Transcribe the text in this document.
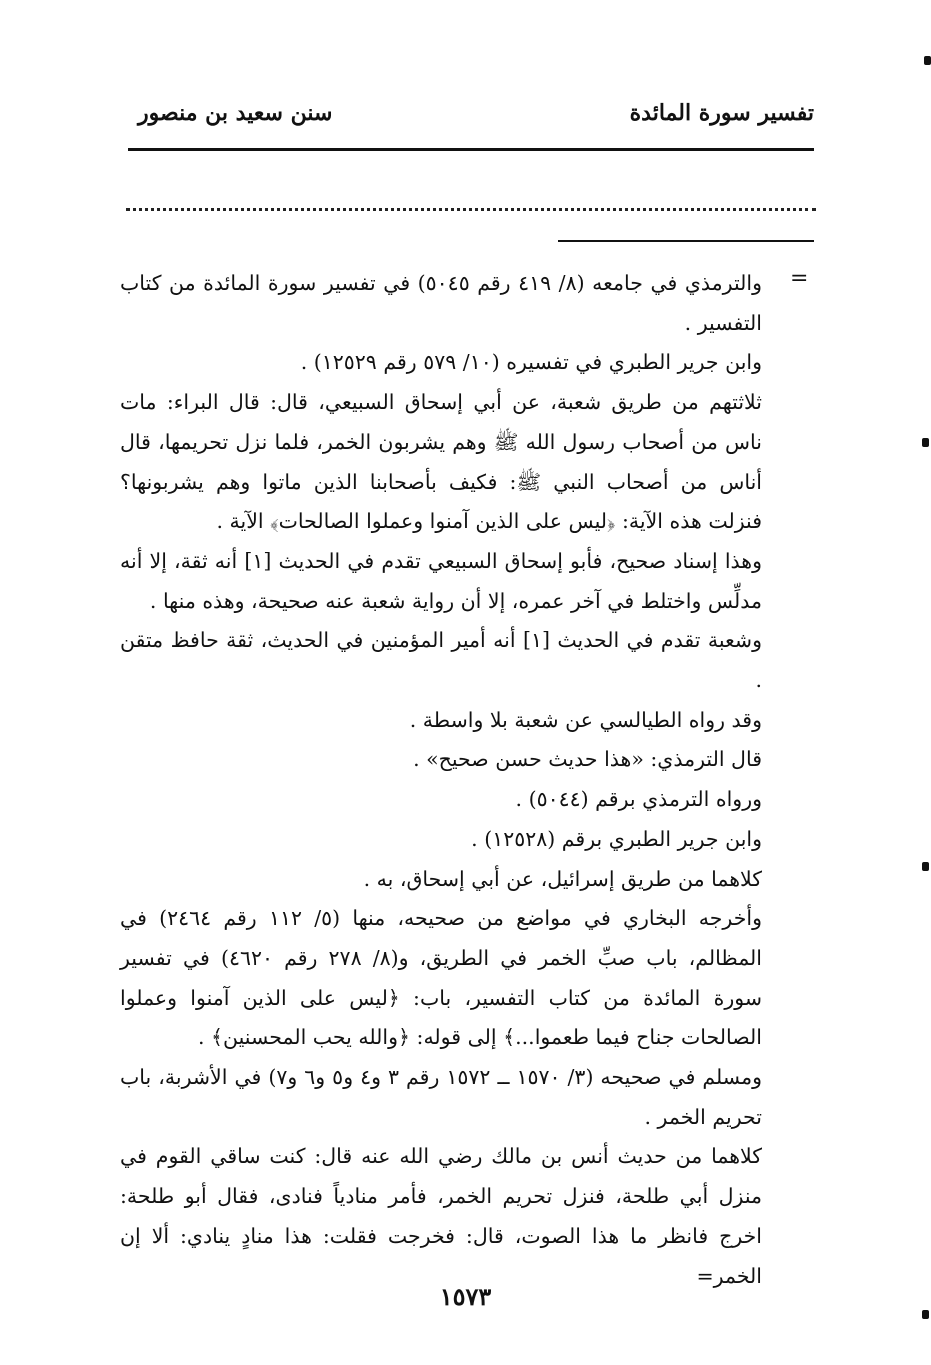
تفسير سورة المائدة
سنن سعيد بن منصور
=

والترمذي في جامعه (٨/ ٤١٩ رقم ٥٠٤٥) في تفسير سورة المائدة من كتاب التفسير .

وابن جرير الطبري في تفسيره (١٠/ ٥٧٩ رقم ١٢٥٢٩) .

ثلاثتهم من طريق شعبة، عن أبي إسحاق السبيعي، قال: قال البراء: مات ناس من أصحاب رسول الله ﷺ وهم يشربون الخمر، فلما نزل تحريمها، قال أناس من أصحاب النبي ﷺ: فكيف بأصحابنا الذين ماتوا وهم يشربونها؟ فنزلت هذه الآية: ﴿ليس على الذين آمنوا وعملوا الصالحات﴾ الآية .

وهذا إسناد صحيح، فأبو إسحاق السبيعي تقدم في الحديث [١] أنه ثقة، إلا أنه مدلِّس واختلط في آخر عمره، إلا أن رواية شعبة عنه صحيحة، وهذه منها .

وشعبة تقدم في الحديث [١] أنه أمير المؤمنين في الحديث، ثقة حافظ متقن .

وقد رواه الطيالسي عن شعبة بلا واسطة .

قال الترمذي: «هذا حديث حسن صحيح» .

ورواه الترمذي برقم (٥٠٤٤) .

وابن جرير الطبري برقم (١٢٥٢٨) .

كلاهما من طريق إسرائيل، عن أبي إسحاق، به .

وأخرجه البخاري في مواضع من صحيحه، منها (٥/ ١١٢ رقم ٢٤٦٤) في المظالم، باب صبِّ الخمر في الطريق، و(٨/ ٢٧٨ رقم ٤٦٢٠) في تفسير سورة المائدة من كتاب التفسير، باب: ﴿ليس على الذين آمنوا وعملوا الصالحات جناح فيما طعموا...﴾ إلى قوله: ﴿والله يحب المحسنين﴾ .

ومسلم في صحيحه (٣/ ١٥٧٠ ــ ١٥٧٢ رقم ٣ و٤ و٥ و٦ و٧) في الأشربة، باب تحريم الخمر .

كلاهما من حديث أنس بن مالك رضي الله عنه قال: كنت ساقي القوم في منزل أبي طلحة، فنزل تحريم الخمر، فأمر منادياً فنادى، فقال أبو طلحة: اخرج فانظر ما هذا الصوت، قال: فخرجت فقلت: هذا منادٍ ينادي: ألا إن الخمر=

١٥٧٣
